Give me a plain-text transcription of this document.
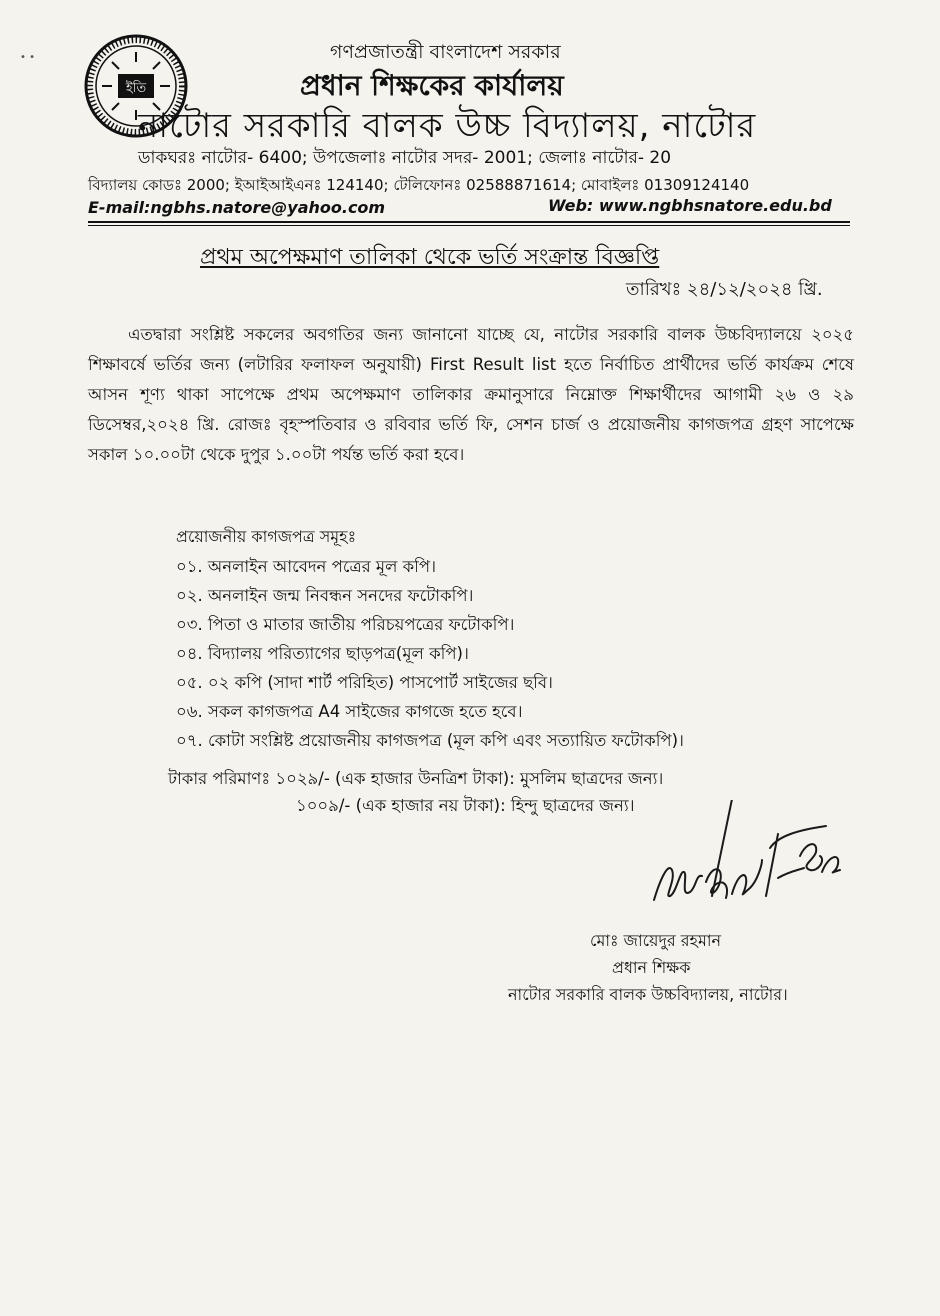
• •
ইতি
গণপ্রজাতন্ত্রী বাংলাদেশ সরকার
প্রধান শিক্ষকের কার্যালয়
নাটোর সরকারি বালক উচ্চ বিদ্যালয়, নাটোর
ডাকঘরঃ নাটোর- 6400; উপজেলাঃ নাটোর সদর- 2001; জেলাঃ নাটোর- 20
বিদ্যালয় কোডঃ 2000; ইআইআইএনঃ 124140; টেলিফোনঃ 02588871614; মোবাইলঃ 01309124140
E-mail:ngbhs.natore@yahoo.com	Web: www.ngbhsnatore.edu.bd
প্রথম অপেক্ষমাণ তালিকা থেকে ভর্তি সংক্রান্ত বিজ্ঞপ্তি
তারিখঃ ২৪/১২/২০২৪ খ্রি.

এতদ্বারা সংশ্লিষ্ট সকলের অবগতির জন্য জানানো যাচ্ছে যে, নাটোর সরকারি বালক উচ্চবিদ্যালয়ে ২০২৫ শিক্ষাবর্ষে ভর্তির জন্য (লটারির ফলাফল অনুযায়ী) First Result list হতে নির্বাচিত প্রার্থীদের ভর্তি কার্যক্রম শেষে আসন শূণ্য থাকা সাপেক্ষে প্রথম অপেক্ষমাণ তালিকার ক্রমানুসারে নিম্নোক্ত শিক্ষার্থীদের আগামী ২৬ ও ২৯ ডিসেম্বর,২০২৪ খ্রি. রোজঃ বৃহস্পতিবার ও রবিবার ভর্তি ফি, সেশন চার্জ ও প্রয়োজনীয় কাগজপত্র গ্রহণ সাপেক্ষে সকাল ১০.০০টা থেকে দুপুর ১.০০টা পর্যন্ত ভর্তি করা হবে।

প্রয়োজনীয় কাগজপত্র সমূহঃ
০১. অনলাইন আবেদন পত্রের মূল কপি।
০২. অনলাইন জন্ম নিবন্ধন সনদের ফটোকপি।
০৩. পিতা ও মাতার জাতীয় পরিচয়পত্রের ফটোকপি।
০৪. বিদ্যালয় পরিত্যাগের ছাড়পত্র(মূল কপি)।
০৫. ০২ কপি (সাদা শার্ট পরিহিত) পাসপোর্ট সাইজের ছবি।
০৬. সকল কাগজপত্র A4 সাইজের কাগজে হতে হবে।
০৭. কোটা সংশ্লিষ্ট প্রয়োজনীয় কাগজপত্র (মূল কপি এবং সত্যায়িত ফটোকপি)।
টাকার পরিমাণঃ ১০২৯/- (এক হাজার উনত্রিশ টাকা): মুসলিম ছাত্রদের জন্য।
১০০৯/- (এক হাজার নয় টাকা): হিন্দু ছাত্রদের জন্য।
মোঃ জায়েদুর রহমান
প্রধান শিক্ষক
নাটোর সরকারি বালক উচ্চবিদ্যালয়, নাটোর।
